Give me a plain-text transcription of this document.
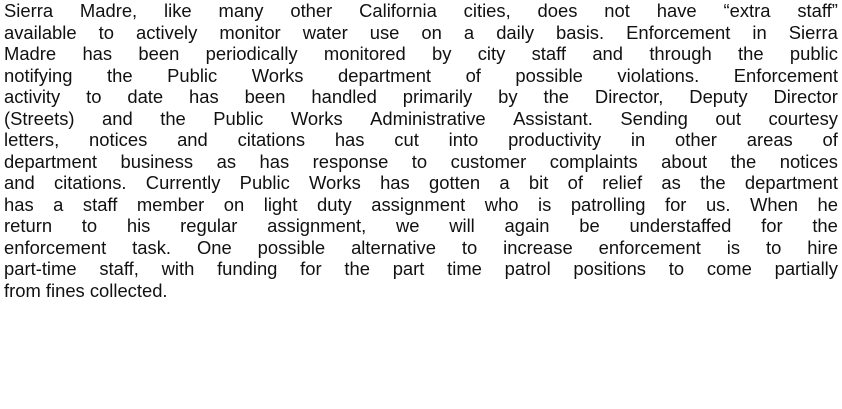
Sierra Madre, like many other California cities, does not have “extra staff”
available to actively monitor water use on a daily basis. Enforcement in Sierra
Madre has been periodically monitored by city staff and through the public
notifying the Public Works department of possible violations. Enforcement
activity to date has been handled primarily by the Director, Deputy Director
(Streets) and the Public Works Administrative Assistant. Sending out courtesy
letters, notices and citations has cut into productivity in other areas of
department business as has response to customer complaints about the notices
and citations. Currently Public Works has gotten a bit of relief as the department
has a staff member on light duty assignment who is patrolling for us. When he
return to his regular assignment, we will again be understaffed for the
enforcement task. One possible alternative to increase enforcement is to hire
part-time staff, with funding for the part time patrol positions to come partially
from fines collected.
